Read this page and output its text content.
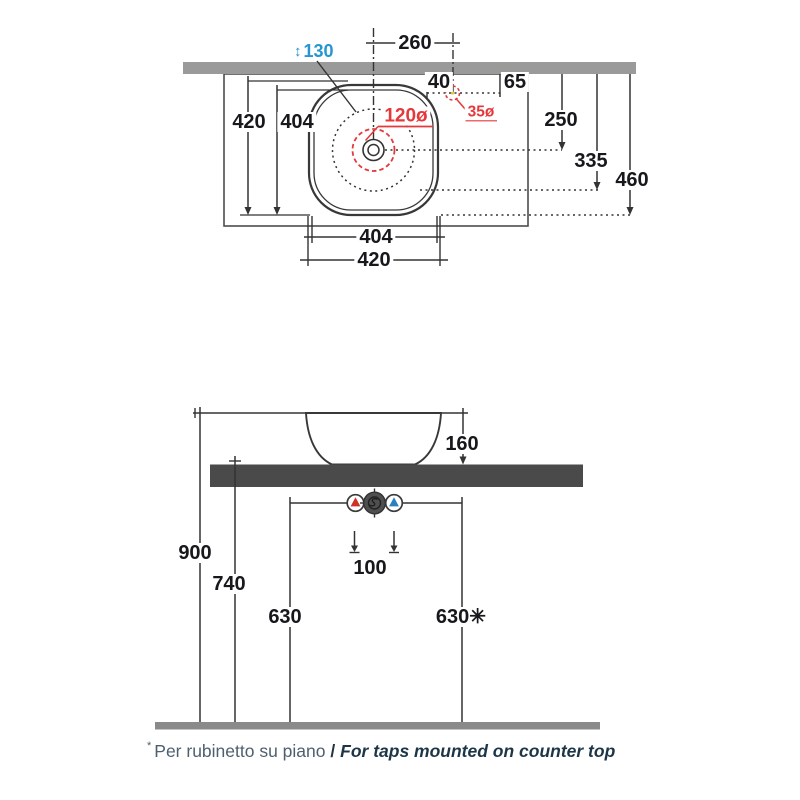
↕ 130	260
40	65
420 404	120ø	35ø 250
335
460
404
420
160
900
740
630
100
630✳
* Per rubinetto su piano / For taps mounted on counter top
